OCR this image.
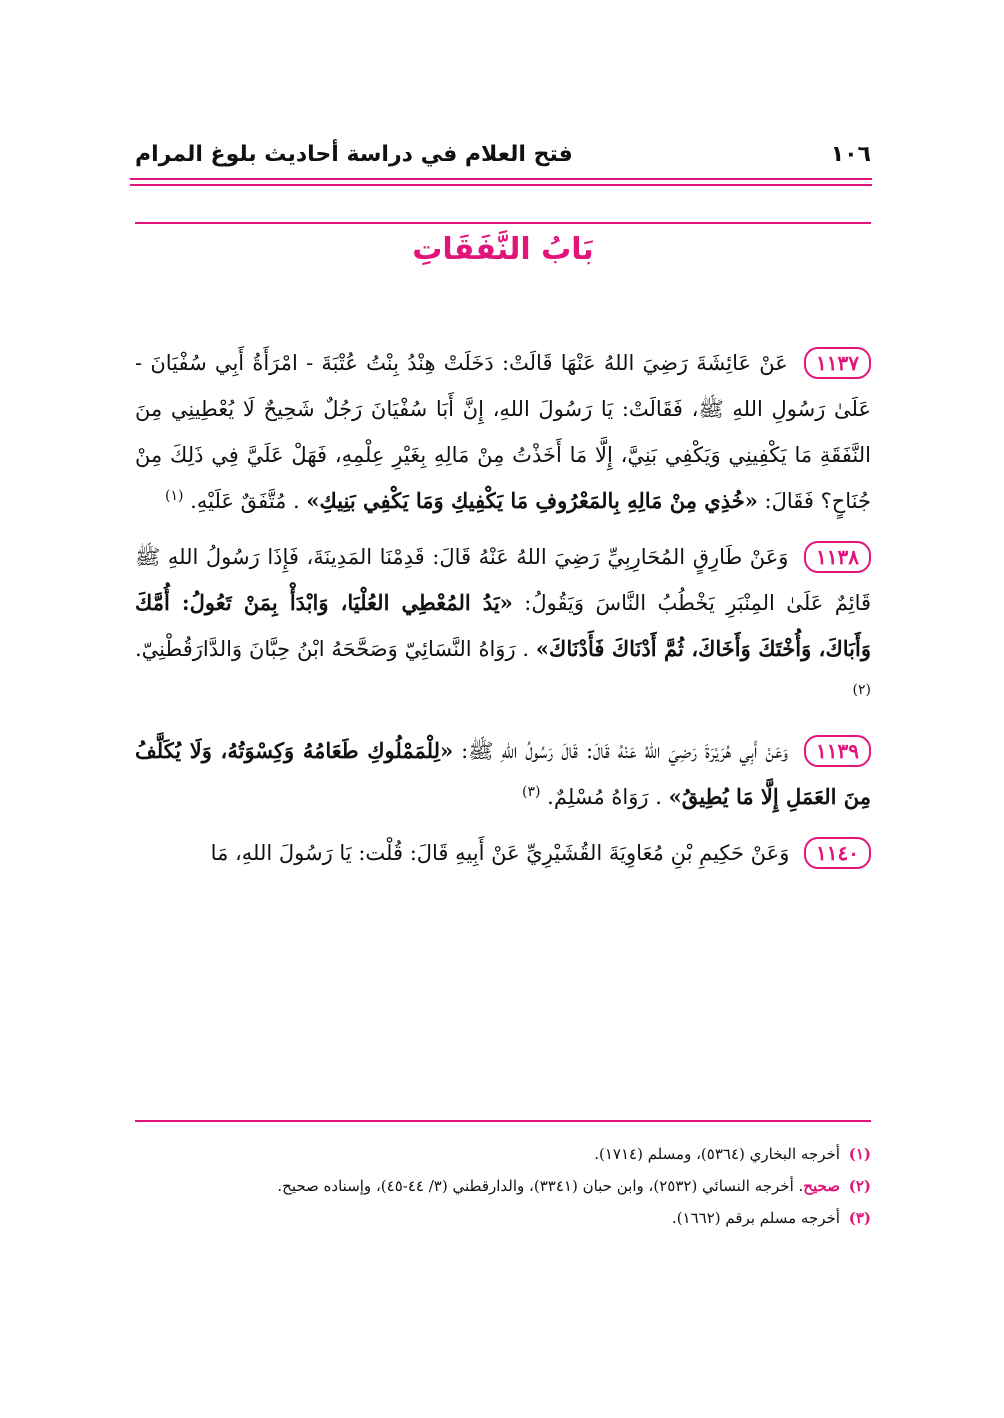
١٠٦
فتح العلام في دراسة أحاديث بلوغ المرام
بَابُ النَّفَقَاتِ

١١٣٧ عَنْ عَائِشَةَ رَضِيَ اللهُ عَنْهَا قَالَتْ: دَخَلَتْ هِنْدُ بِنْتُ عُتْبَةَ - امْرَأَةُ أَبِي سُفْيَانَ - عَلَىٰ رَسُولِ اللهِ ﷺ، فَقَالَتْ: يَا رَسُولَ اللهِ، إِنَّ أَبَا سُفْيَانَ رَجُلٌ شَحِيحٌ لَا يُعْطِينِي مِنَ النَّفَقَةِ مَا يَكْفِينِي وَيَكْفِي بَنِيَّ، إِلَّا مَا أَخَذْتُ مِنْ مَالِهِ بِغَيْرِ عِلْمِهِ، فَهَلْ عَلَيَّ فِي ذَلِكَ مِنْ جُنَاحٍ؟ فَقَالَ: «خُذِي مِنْ مَالِهِ بِالمَعْرُوفِ مَا يَكْفِيكِ وَمَا يَكْفِي بَنِيكِ» . مُتَّفَقٌ عَلَيْهِ. $^{(١)}$

١١٣٨ وَعَنْ طَارِقٍ المُحَارِبِيِّ رَضِيَ اللهُ عَنْهُ قَالَ: قَدِمْنَا المَدِينَةَ، فَإِذَا رَسُولُ اللهِ ﷺ قَائِمٌ عَلَىٰ المِنْبَرِ يَخْطُبُ النَّاسَ وَيَقُولُ: «يَدُ المُعْطِي العُلْيَا، وَابْدَأْ بِمَنْ تَعُولُ: أُمَّكَ وَأَبَاكَ، وَأُخْتَكَ وَأَخَاكَ، ثُمَّ أَدْنَاكَ فَأَدْنَاكَ» . رَوَاهُ النَّسَائِيّ وَصَحَّحَهُ ابْنُ حِبَّانَ وَالدَّارَقُطْنِيّ. $^{(٢)}$

١١٣٩ وَعَنْ أَبِي هُرَيْرَةَ رَضِيَ اللهُ عَنْهُ قَالَ: قَالَ رَسُولُ اللهِ ﷺ: «لِلْمَمْلُوكِ طَعَامُهُ وَكِسْوَتُهُ، وَلَا يُكَلَّفُ مِنَ العَمَلِ إِلَّا مَا يُطِيقُ» . رَوَاهُ مُسْلِمٌ. $^{(٣)}$

١١٤٠ وَعَنْ حَكِيمِ بْنِ مُعَاوِيَةَ القُشَيْرِيِّ عَنْ أَبِيهِ قَالَ: قُلْت: يَا رَسُولَ اللهِ، مَا

(١) أخرجه البخاري (٥٣٦٤)، ومسلم (١٧١٤).

(٢) صحيح. أخرجه النسائي (٢٥٣٢)، وابن حبان (٣٣٤١)، والدارقطني (٣/ ٤٤-٤٥)، وإسناده صحيح.

(٣) أخرجه مسلم برقم (١٦٦٢).
